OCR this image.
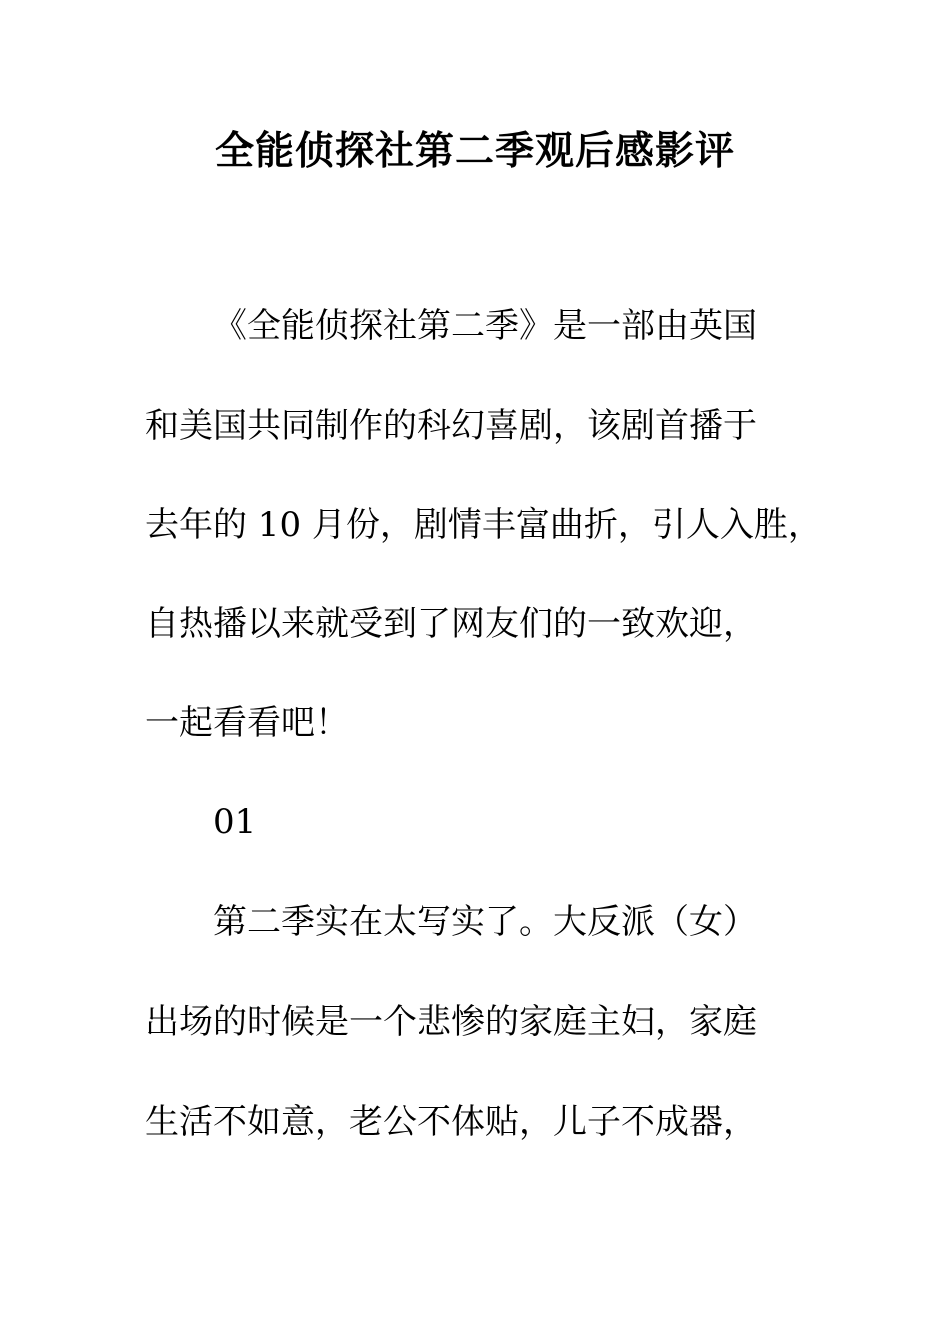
全能侦探社第二季观后感影评
《全能侦探社第二季》是一部由英国
和美国共同制作的科幻喜剧，该剧首播于
去年的 10 月份，剧情丰富曲折，引人入胜，
自热播以来就受到了网友们的一致欢迎，
一起看看吧！
01
第二季实在太写实了。大反派（女）
出场的时候是一个悲惨的家庭主妇，家庭
生活不如意，老公不体贴，儿子不成器，
